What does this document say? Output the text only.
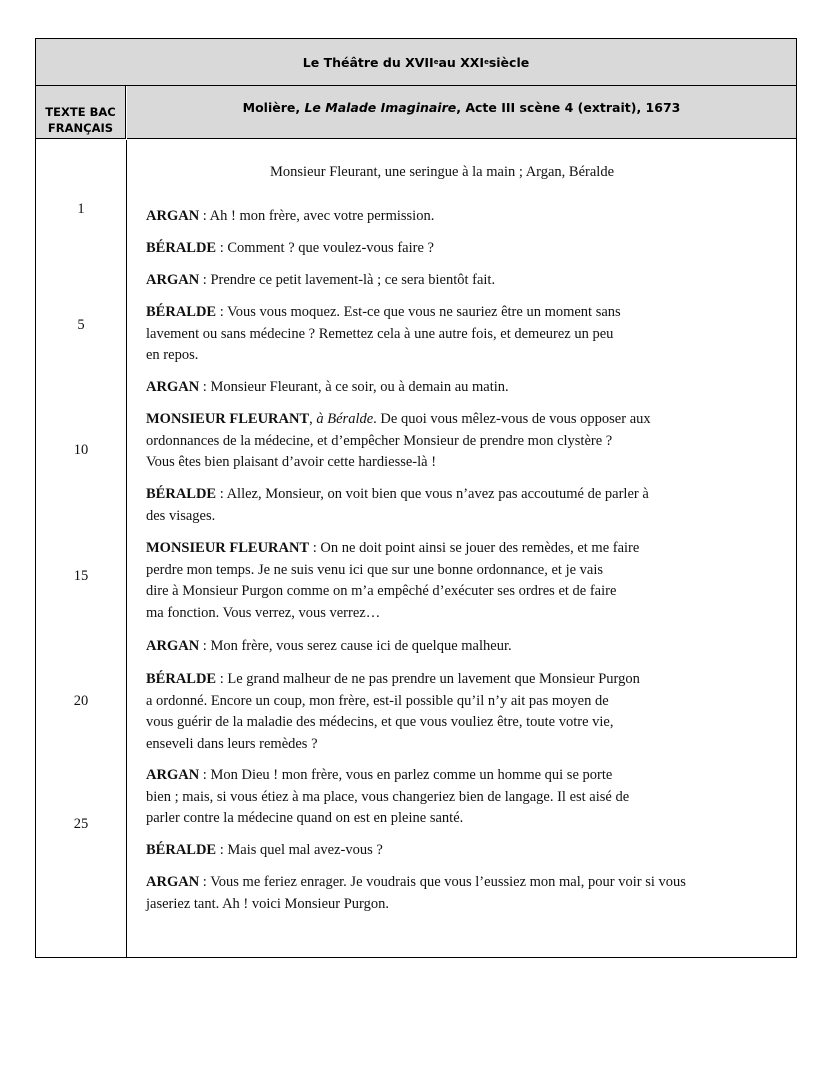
Le Théâtre du XVII e au XXI e siècle
TEXTE BAC
FRANÇAIS
Molière, Le Malade Imaginaire, Acte III scène 4 (extrait), 1673
Monsieur Fleurant, une seringue à la main ; Argan, Béralde
1
5
10
15
20
25
ARGAN : Ah ! mon frère, avec votre permission.
BÉRALDE : Comment ? que voulez-vous faire ?
ARGAN : Prendre ce petit lavement-là ; ce sera bientôt fait.
BÉRALDE : Vous vous moquez. Est-ce que vous ne sauriez être un moment sans
lavement ou sans médecine ? Remettez cela à une autre fois, et demeurez un peu
en repos.
ARGAN : Monsieur Fleurant, à ce soir, ou à demain au matin.
MONSIEUR FLEURANT, à Béralde. De quoi vous mêlez-vous de vous opposer aux
ordonnances de la médecine, et d’empêcher Monsieur de prendre mon clystère ?
Vous êtes bien plaisant d’avoir cette hardiesse-là !
BÉRALDE : Allez, Monsieur, on voit bien que vous n’avez pas accoutumé de parler à
des visages.
MONSIEUR FLEURANT : On ne doit point ainsi se jouer des remèdes, et me faire
perdre mon temps. Je ne suis venu ici que sur une bonne ordonnance, et je vais
dire à Monsieur Purgon comme on m’a empêché d’exécuter ses ordres et de faire
ma fonction. Vous verrez, vous verrez…
ARGAN : Mon frère, vous serez cause ici de quelque malheur.
BÉRALDE : Le grand malheur de ne pas prendre un lavement que Monsieur Purgon
a ordonné. Encore un coup, mon frère, est-il possible qu’il n’y ait pas moyen de
vous guérir de la maladie des médecins, et que vous vouliez être, toute votre vie,
enseveli dans leurs remèdes ?
ARGAN : Mon Dieu ! mon frère, vous en parlez comme un homme qui se porte
bien ; mais, si vous étiez à ma place, vous changeriez bien de langage. Il est aisé de
parler contre la médecine quand on est en pleine santé.
BÉRALDE : Mais quel mal avez-vous ?
ARGAN : Vous me feriez enrager. Je voudrais que vous l’eussiez mon mal, pour voir si vous
jaseriez tant. Ah ! voici Monsieur Purgon.
